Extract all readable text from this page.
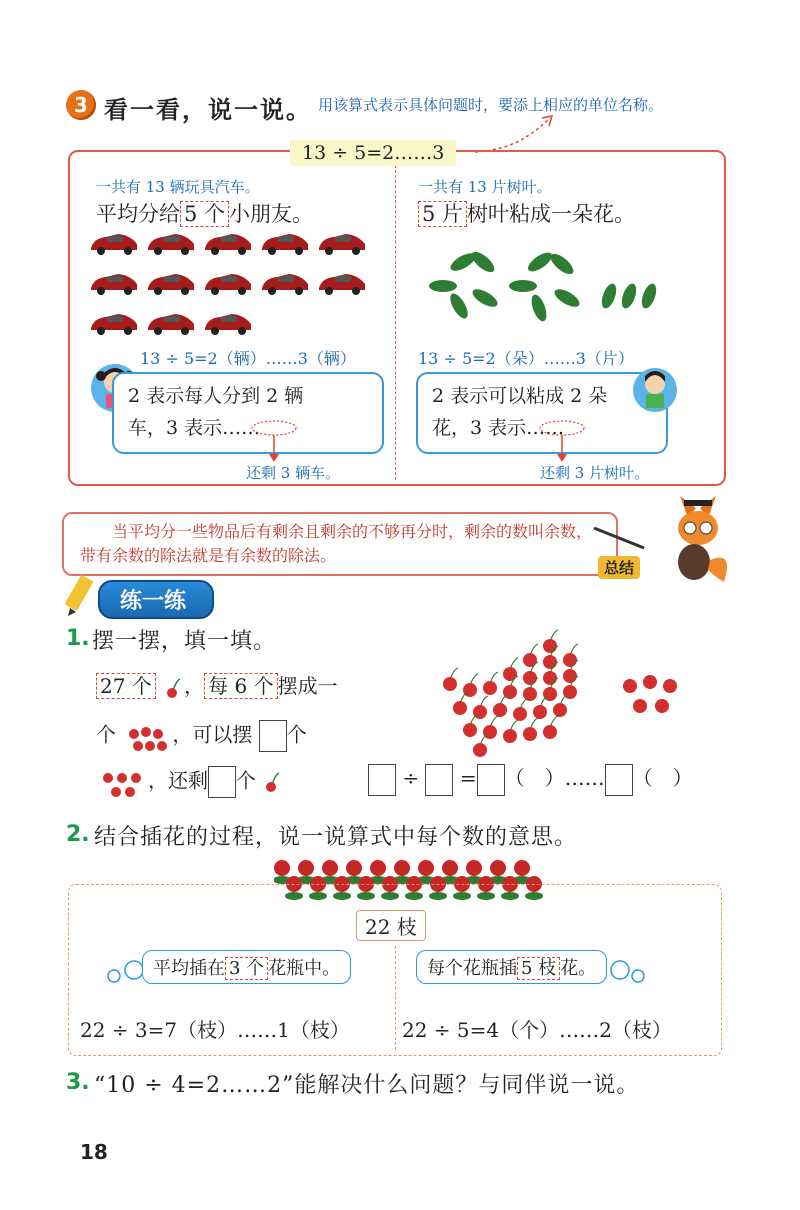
3 看一看，说一说。 用该算式表示具体问题时，要添上相应的单位名称。
13 ÷ 5=2……3
一共有 13 辆玩具汽车。
平均分给 5 个 小朋友。
13 ÷ 5=2（辆）……3（辆）
2 表示每人分到 2 辆
车，3 表示……
还剩 3 辆车。
一共有 13 片树叶。
5 片 树叶粘成一朵花。
13 ÷ 5=2（朵）……3（片）
2 表示可以粘成 2 朵
花，3 表示……
还剩 3 片树叶。
当平均分一些物品后有剩余且剩余的不够再分时，剩余的数叫余数，带有余数的除法就是有余数的除法。
总结
练一练
1. 摆一摆，填一填。
27 个 ， 每 6 个 摆成一
个	，可以摆 个
，还剩 个	÷ = （　）…… （　）
2. 结合插花的过程，说一说算式中每个数的意思。
22 枝
平均插在 3 个 花瓶中。	每个花瓶插 5 枝 花。
22 ÷ 3=7（枝）……1（枝）	22 ÷ 5=4（个）……2（枝）
3. “10 ÷ 4=2……2”能解决什么问题？与同伴说一说。
18
